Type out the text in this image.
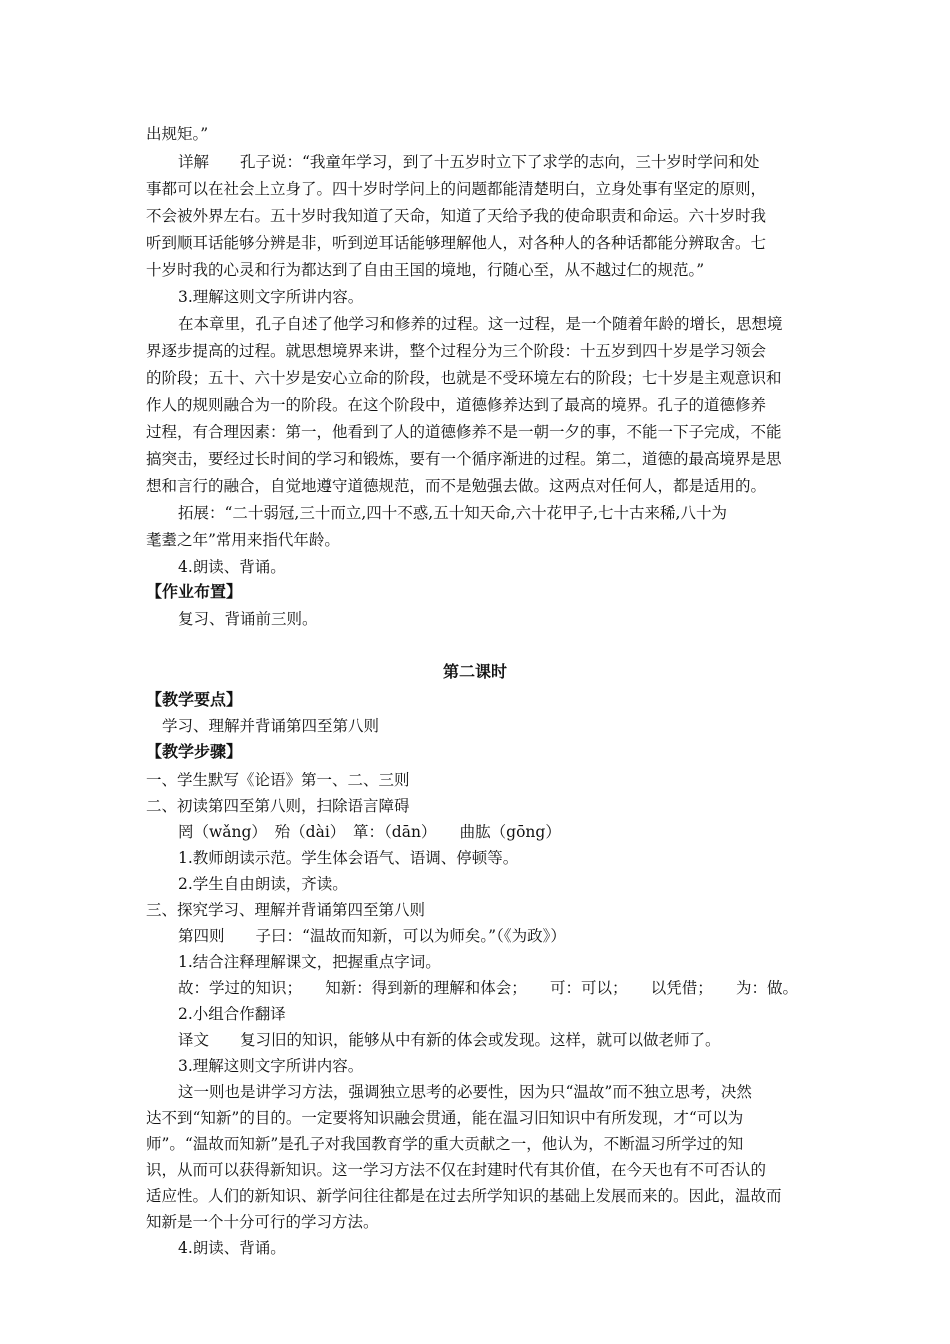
出规矩。”
详解　　孔子说：“我童年学习，到了十五岁时立下了求学的志向，三十岁时学问和处
事都可以在社会上立身了。四十岁时学问上的问题都能清楚明白，立身处事有坚定的原则，
不会被外界左右。五十岁时我知道了天命，知道了天给予我的使命职责和命运。六十岁时我
听到顺耳话能够分辨是非，听到逆耳话能够理解他人，对各种人的各种话都能分辨取舍。七
十岁时我的心灵和行为都达到了自由王国的境地，行随心至，从不越过仁的规范。”
3.理解这则文字所讲内容。
在本章里，孔子自述了他学习和修养的过程。这一过程，是一个随着年龄的增长，思想境
界逐步提高的过程。就思想境界来讲，整个过程分为三个阶段：十五岁到四十岁是学习领会
的阶段；五十、六十岁是安心立命的阶段，也就是不受环境左右的阶段；七十岁是主观意识和
作人的规则融合为一的阶段。在这个阶段中，道德修养达到了最高的境界。孔子的道德修养
过程，有合理因素：第一，他看到了人的道德修养不是一朝一夕的事，不能一下子完成，不能
搞突击，要经过长时间的学习和锻炼，要有一个循序渐进的过程。第二，道德的最高境界是思
想和言行的融合，自觉地遵守道德规范，而不是勉强去做。这两点对任何人，都是适用的。
拓展：“二十弱冠,三十而立,四十不惑,五十知天命,六十花甲子,七十古来稀,八十为
耄耋之年”常用来指代年龄。
4.朗读、背诵。
【作业布置】
复习、背诵前三则。
第二课时
【教学要点】
学习、理解并背诵第四至第八则
【教学步骤】
一、学生默写《论语》第一、二、三则
二、初读第四至第八则，扫除语言障碍
罔（wǎng）　殆（dài）　箪：（dān）　　曲肱（gōng）
1.教师朗读示范。学生体会语气、语调、停顿等。
2.学生自由朗读，齐读。
三、探究学习、理解并背诵第四至第八则
第四则　　子曰：“温故而知新，可以为师矣。”（《为政》）
1.结合注释理解课文，把握重点字词。
故：学过的知识；　　知新：得到新的理解和体会；　　可：可以；　　以凭借；　　为：做。
2.小组合作翻译
译文　　复习旧的知识，能够从中有新的体会或发现。这样，就可以做老师了。
3.理解这则文字所讲内容。
这一则也是讲学习方法，强调独立思考的必要性，因为只“温故”而不独立思考，决然
达不到“知新”的目的。一定要将知识融会贯通，能在温习旧知识中有所发现，才“可以为
师”。“温故而知新”是孔子对我国教育学的重大贡献之一，他认为，不断温习所学过的知
识，从而可以获得新知识。这一学习方法不仅在封建时代有其价值，在今天也有不可否认的
适应性。人们的新知识、新学问往往都是在过去所学知识的基础上发展而来的。因此，温故而
知新是一个十分可行的学习方法。
4.朗读、背诵。
